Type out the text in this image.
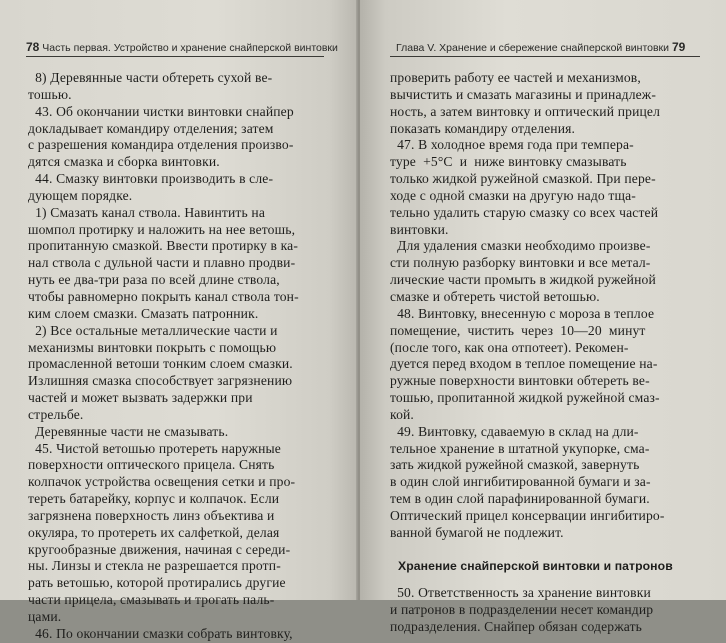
78 Часть первая. Устройство и хранение снайперской винтовки
8) Деревянные части обтереть сухой ве-
тошью.
43. Об окончании чистки винтовки снайпер
докладывает командиру отделения; затем
с разрешения командира отделения произво-
дятся смазка и сборка винтовки.
44. Смазку винтовки производить в сле-
дующем порядке.
1) Смазать канал ствола. Навинтить на
шомпол протирку и наложить на нее ветошь,
пропитанную смазкой. Ввести протирку в ка-
нал ствола с дульной части и плавно продви-
нуть ее два-три раза по всей длине ствола,
чтобы равномерно покрыть канал ствола тон-
ким слоем смазки. Смазать патронник.
2) Все остальные металлические части и
механизмы винтовки покрыть с помощью
промасленной ветоши тонким слоем смазки.
Излишняя смазка способствует загрязнению
частей и может вызвать задержки при
стрельбе.
Деревянные части не смазывать.
45. Чистой ветошью протереть наружные
поверхности оптического прицела. Снять
колпачок устройства освещения сетки и про-
тереть батарейку, корпус и колпачок. Если
загрязнена поверхность линз объектива и
окуляра, то протереть их салфеткой, делая
кругообразные движения, начиная с середи-
ны. Линзы и стекла не разрешается протп-
рать ветошью, которой протирались другие
части прицела, смазывать и трогать паль-
цами.
46. По окончании смазки собрать винтовку,
Глава V. Хранение и сбережение снайперской винтовки 79
проверить работу ее частей и механизмов,
вычистить и смазать магазины и принадлеж-
ность, а затем винтовку и оптический прицел
показать командиру отделения.
47. В холодное время года при темпера-
туре  +5°С  и  ниже винтовку смазывать
только жидкой ружейной смазкой. При пере-
ходе с одной смазки на другую надо тща-
тельно удалить старую смазку со всех частей
винтовки.
Для удаления смазки необходимо произве-
сти полную разборку винтовки и все метал-
лические части промыть в жидкой ружейной
смазке и обтереть чистой ветошью.
48. Винтовку, внесенную с мороза в теплое
помещение,  чистить  через  10—20  минут
(после того, как она отпотеет). Рекомен-
дуется перед входом в теплое помещение на-
ружные поверхности винтовки обтереть ве-
тошью, пропитанной жидкой ружейной смаз-
кой.
49. Винтовку, сдаваемую в склад на дли-
тельное хранение в штатной укупорке, сма-
зать жидкой ружейной смазкой, завернуть
в один слой ингибитированной бумаги и за-
тем в один слой парафинированной бумаги.
Оптический прицел консервации ингибитиро-
ванной бумагой не подлежит.
Хранение снайперской винтовки и патронов
50. Ответственность за хранение винтовки
и патронов в подразделении несет командир
подразделения. Снайпер обязан содержать
